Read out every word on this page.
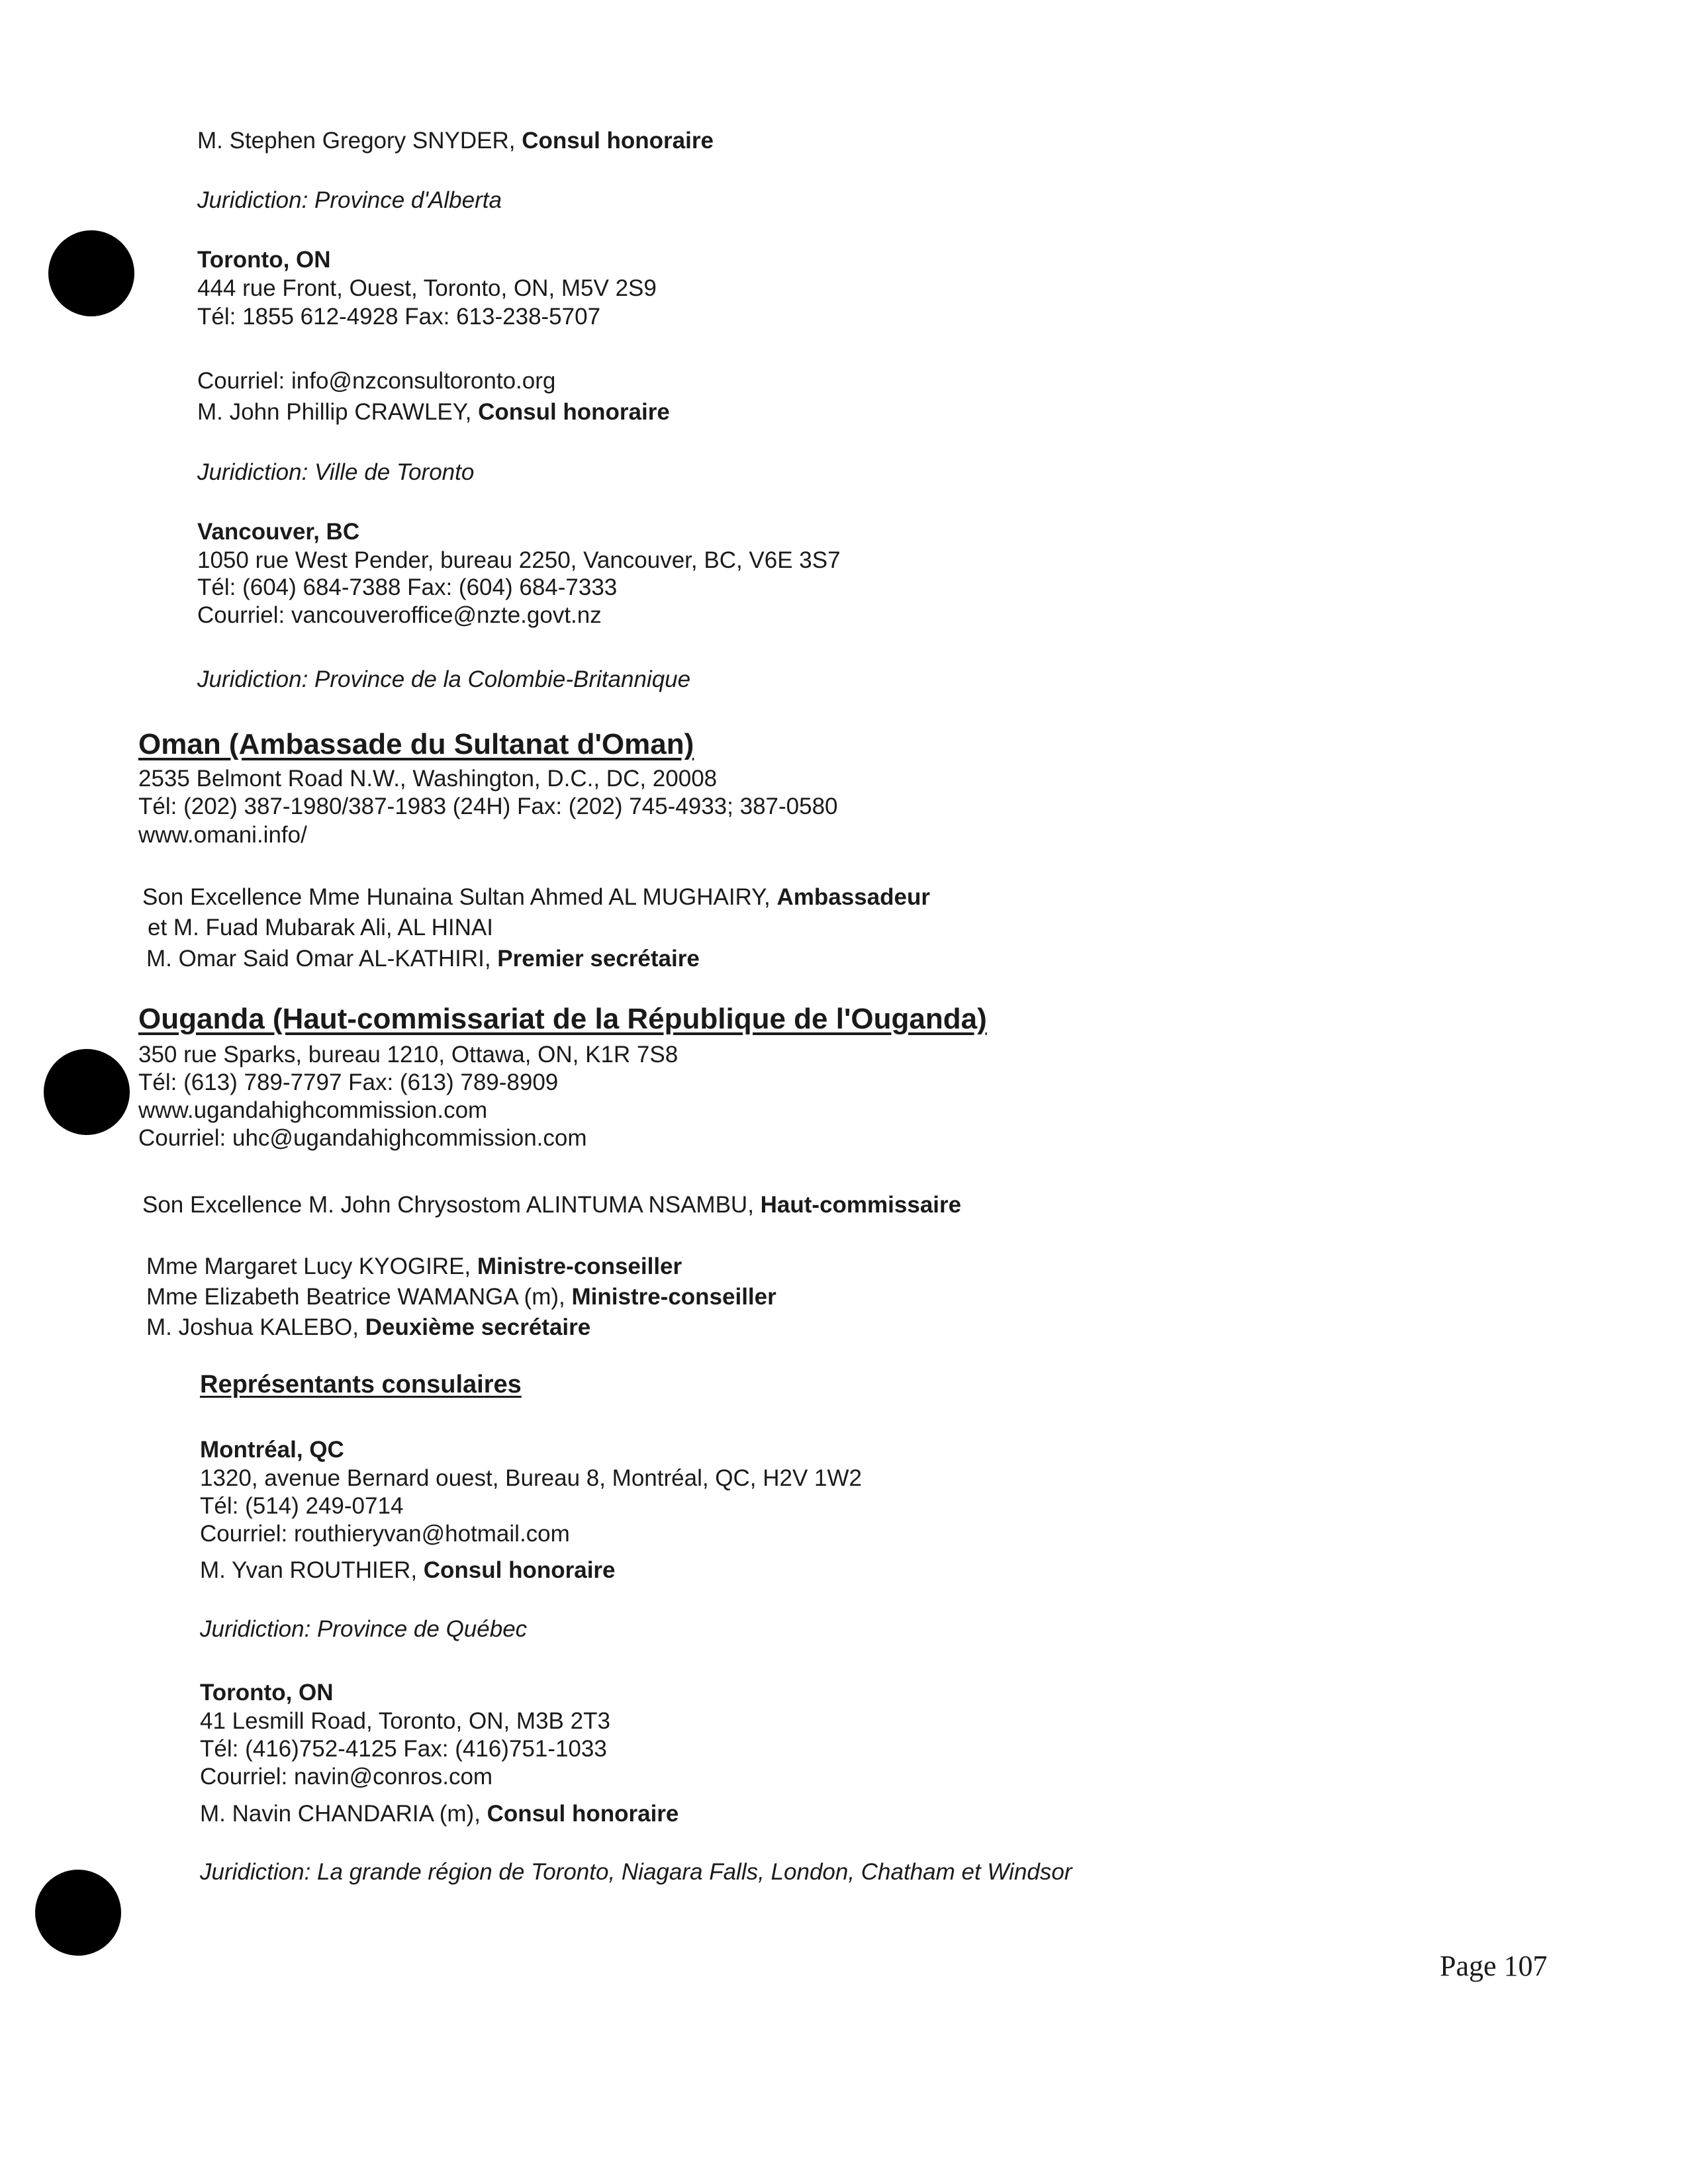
M. Stephen Gregory SNYDER, Consul honoraire
Juridiction: Province d'Alberta
Toronto, ON
444 rue Front, Ouest, Toronto, ON, M5V 2S9
Tél: 1855 612-4928 Fax: 613-238-5707
Courriel: info@nzconsultoronto.org
M. John Phillip CRAWLEY, Consul honoraire
Juridiction: Ville de Toronto
Vancouver, BC
1050 rue West Pender, bureau 2250, Vancouver, BC, V6E 3S7
Tél: (604) 684-7388 Fax: (604) 684-7333
Courriel: vancouveroffice@nzte.govt.nz
Juridiction: Province de la Colombie-Britannique
Oman (Ambassade du Sultanat d'Oman)
2535 Belmont Road N.W., Washington, D.C., DC, 20008
Tél: (202) 387-1980/387-1983 (24H) Fax: (202) 745-4933; 387-0580
www.omani.info/
Son Excellence Mme Hunaina Sultan Ahmed AL MUGHAIRY, Ambassadeur
et M. Fuad Mubarak Ali, AL HINAI
M. Omar Said Omar AL-KATHIRI, Premier secrétaire
Ouganda (Haut-commissariat de la République de l'Ouganda)
350 rue Sparks, bureau 1210, Ottawa, ON, K1R 7S8
Tél: (613) 789-7797 Fax: (613) 789-8909
www.ugandahighcommission.com
Courriel: uhc@ugandahighcommission.com
Son Excellence M. John Chrysostom ALINTUMA NSAMBU, Haut-commissaire
Mme Margaret Lucy KYOGIRE, Ministre-conseiller
Mme Elizabeth Beatrice WAMANGA (m), Ministre-conseiller
M. Joshua KALEBO, Deuxième secrétaire
Représentants consulaires
Montréal, QC
1320, avenue Bernard ouest, Bureau 8, Montréal, QC, H2V 1W2
Tél: (514) 249-0714
Courriel: routhieryvan@hotmail.com
M. Yvan ROUTHIER, Consul honoraire
Juridiction: Province de Québec
Toronto, ON
41 Lesmill Road, Toronto, ON, M3B 2T3
Tél: (416)752-4125 Fax: (416)751-1033
Courriel: navin@conros.com
M. Navin CHANDARIA (m), Consul honoraire
Juridiction: La grande région de Toronto, Niagara Falls, London, Chatham et Windsor
Page 107
